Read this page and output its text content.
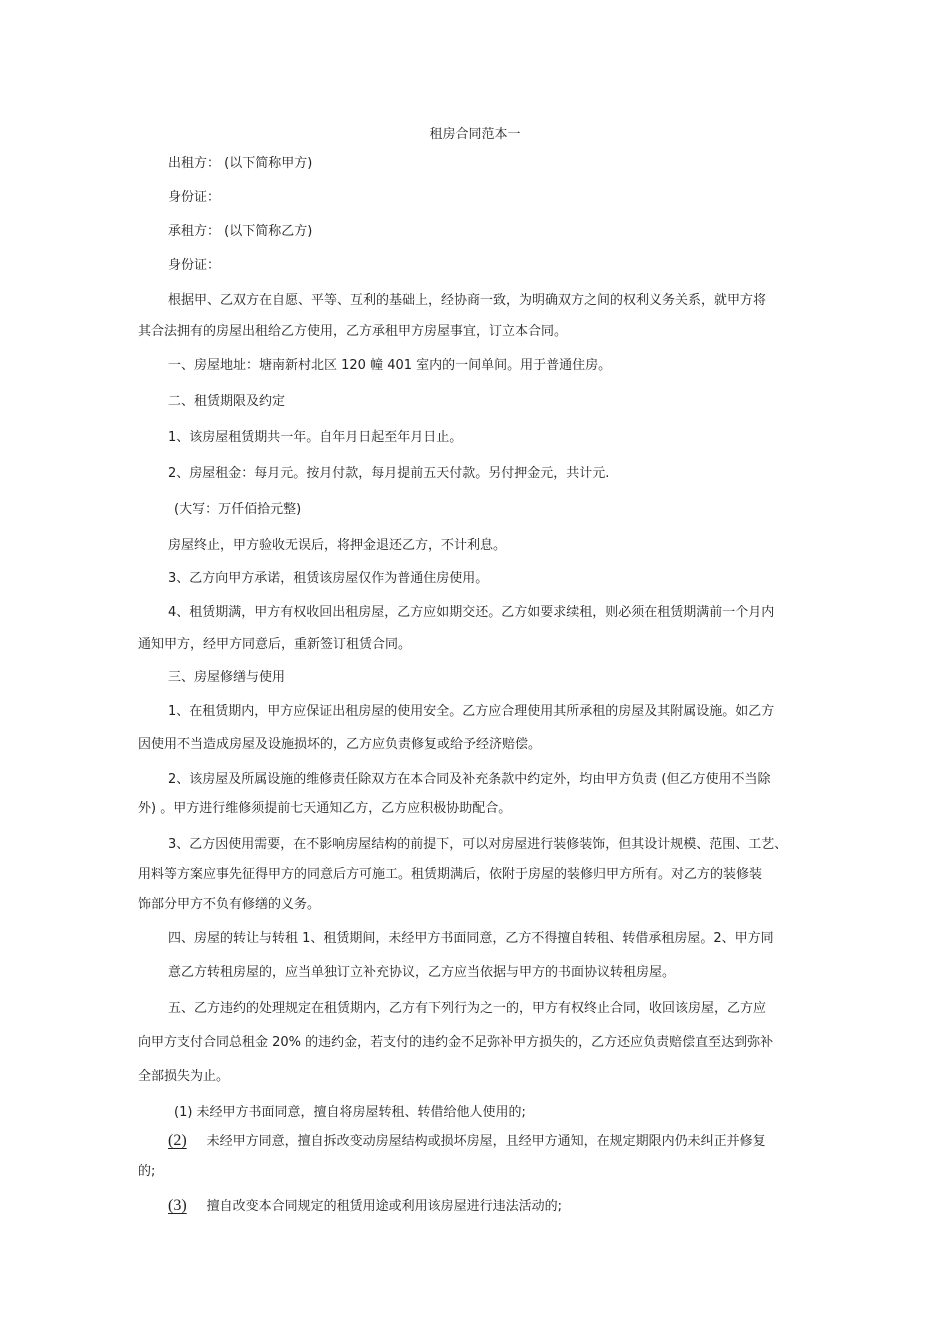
租房合同范本一
出租方： (以下简称甲方)
身份证：
承租方： (以下简称乙方)
身份证：
根据甲、乙双方在自愿、平等、互利的基础上，经协商一致，为明确双方之间的权利义务关系，就甲方将
其合法拥有的房屋出租给乙方使用，乙方承租甲方房屋事宜，订立本合同。
一、房屋地址：塘南新村北区 120 幢 401 室内的一间单间。用于普通住房。
二、租赁期限及约定
1、该房屋租赁期共一年。自年月日起至年月日止。
2、房屋租金：每月元。按月付款，每月提前五天付款。另付押金元，共计元.
(大写：万仟佰拾元整)
房屋终止，甲方验收无误后，将押金退还乙方，不计利息。
3、乙方向甲方承诺，租赁该房屋仅作为普通住房使用。
4、租赁期满，甲方有权收回出租房屋，乙方应如期交还。乙方如要求续租，则必须在租赁期满前一个月内
通知甲方，经甲方同意后，重新签订租赁合同。
三、房屋修缮与使用
1、在租赁期内，甲方应保证出租房屋的使用安全。乙方应合理使用其所承租的房屋及其附属设施。如乙方
因使用不当造成房屋及设施损坏的，乙方应负责修复或给予经济赔偿。
2、该房屋及所属设施的维修责任除双方在本合同及补充条款中约定外，均由甲方负责 (但乙方使用不当除
外) 。甲方进行维修须提前七天通知乙方，乙方应积极协助配合。
3、乙方因使用需要，在不影响房屋结构的前提下，可以对房屋进行装修装饰，但其设计规模、范围、工艺、
用料等方案应事先征得甲方的同意后方可施工。租赁期满后，依附于房屋的装修归甲方所有。对乙方的装修装
饰部分甲方不负有修缮的义务。
四、房屋的转让与转租 1、租赁期间，未经甲方书面同意，乙方不得擅自转租、转借承租房屋。2、甲方同
意乙方转租房屋的，应当单独订立补充协议，乙方应当依据与甲方的书面协议转租房屋。
五、乙方违约的处理规定在租赁期内，乙方有下列行为之一的，甲方有权终止合同，收回该房屋，乙方应
向甲方支付合同总租金 20% 的违约金，若支付的违约金不足弥补甲方损失的，乙方还应负责赔偿直至达到弥补
全部损失为止。
(1) 未经甲方书面同意，擅自将房屋转租、转借给他人使用的;
(2) 未经甲方同意，擅自拆改变动房屋结构或损坏房屋，且经甲方通知，在规定期限内仍未纠正并修复
的;
(3) 擅自改变本合同规定的租赁用途或利用该房屋进行违法活动的;
